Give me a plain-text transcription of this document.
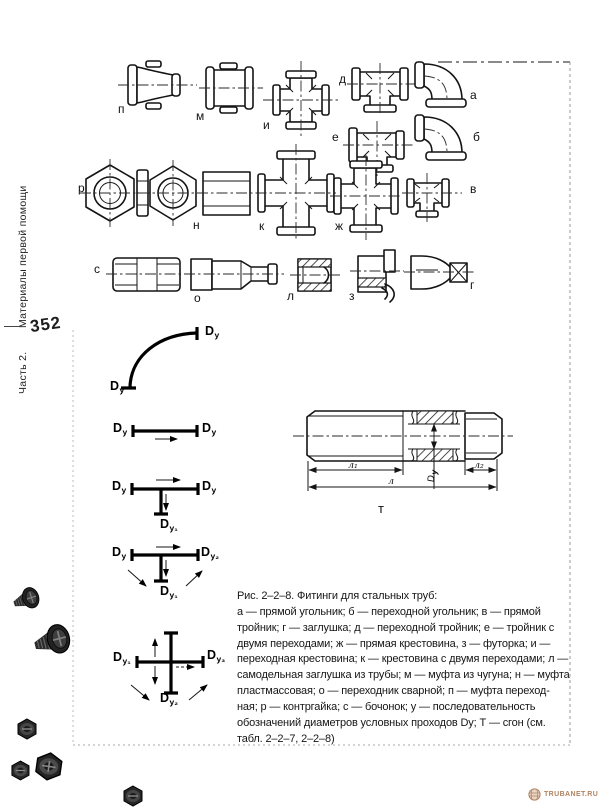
Материалы первой помощи
Часть 2.
352
п	м
и
д
а
е	б
в
р
н	к	ж
с
о	л	з
г
т
$D_у$
$D_у$
$D_у$	$D_у$
$D_у$	$D_у$
$D_{у_1}$
$D_у$	$D_{у_2}$
$D_{у_1}$
$D_{у_1}$	$D_{у_3}$
$D_{у_2}$
л₁	л₂
л	Dу
Рис. 2–2–8. Фитинги для стальных труб:
а — прямой угольник; б — переходной угольник; в — прямой
тройник; г — заглушка; д — переходной тройник; е — тройник с
двумя переходами; ж — прямая крестовина, з — футорка; и —
переходная крестовина; к — крестовина с двумя переходами; л —
самодельная заглушка из трубы; м — муфта из чугуна; н — муфта
пластмассовая; о — переходник сварной; п — муфта переход-
ная; р — контргайка; с — бочонок; у — последовательность
обозначений диаметров условных проходов Dy; Т — сгон (см.
табл. 2–2–7, 2–2–8)
TRUBANET.RU
